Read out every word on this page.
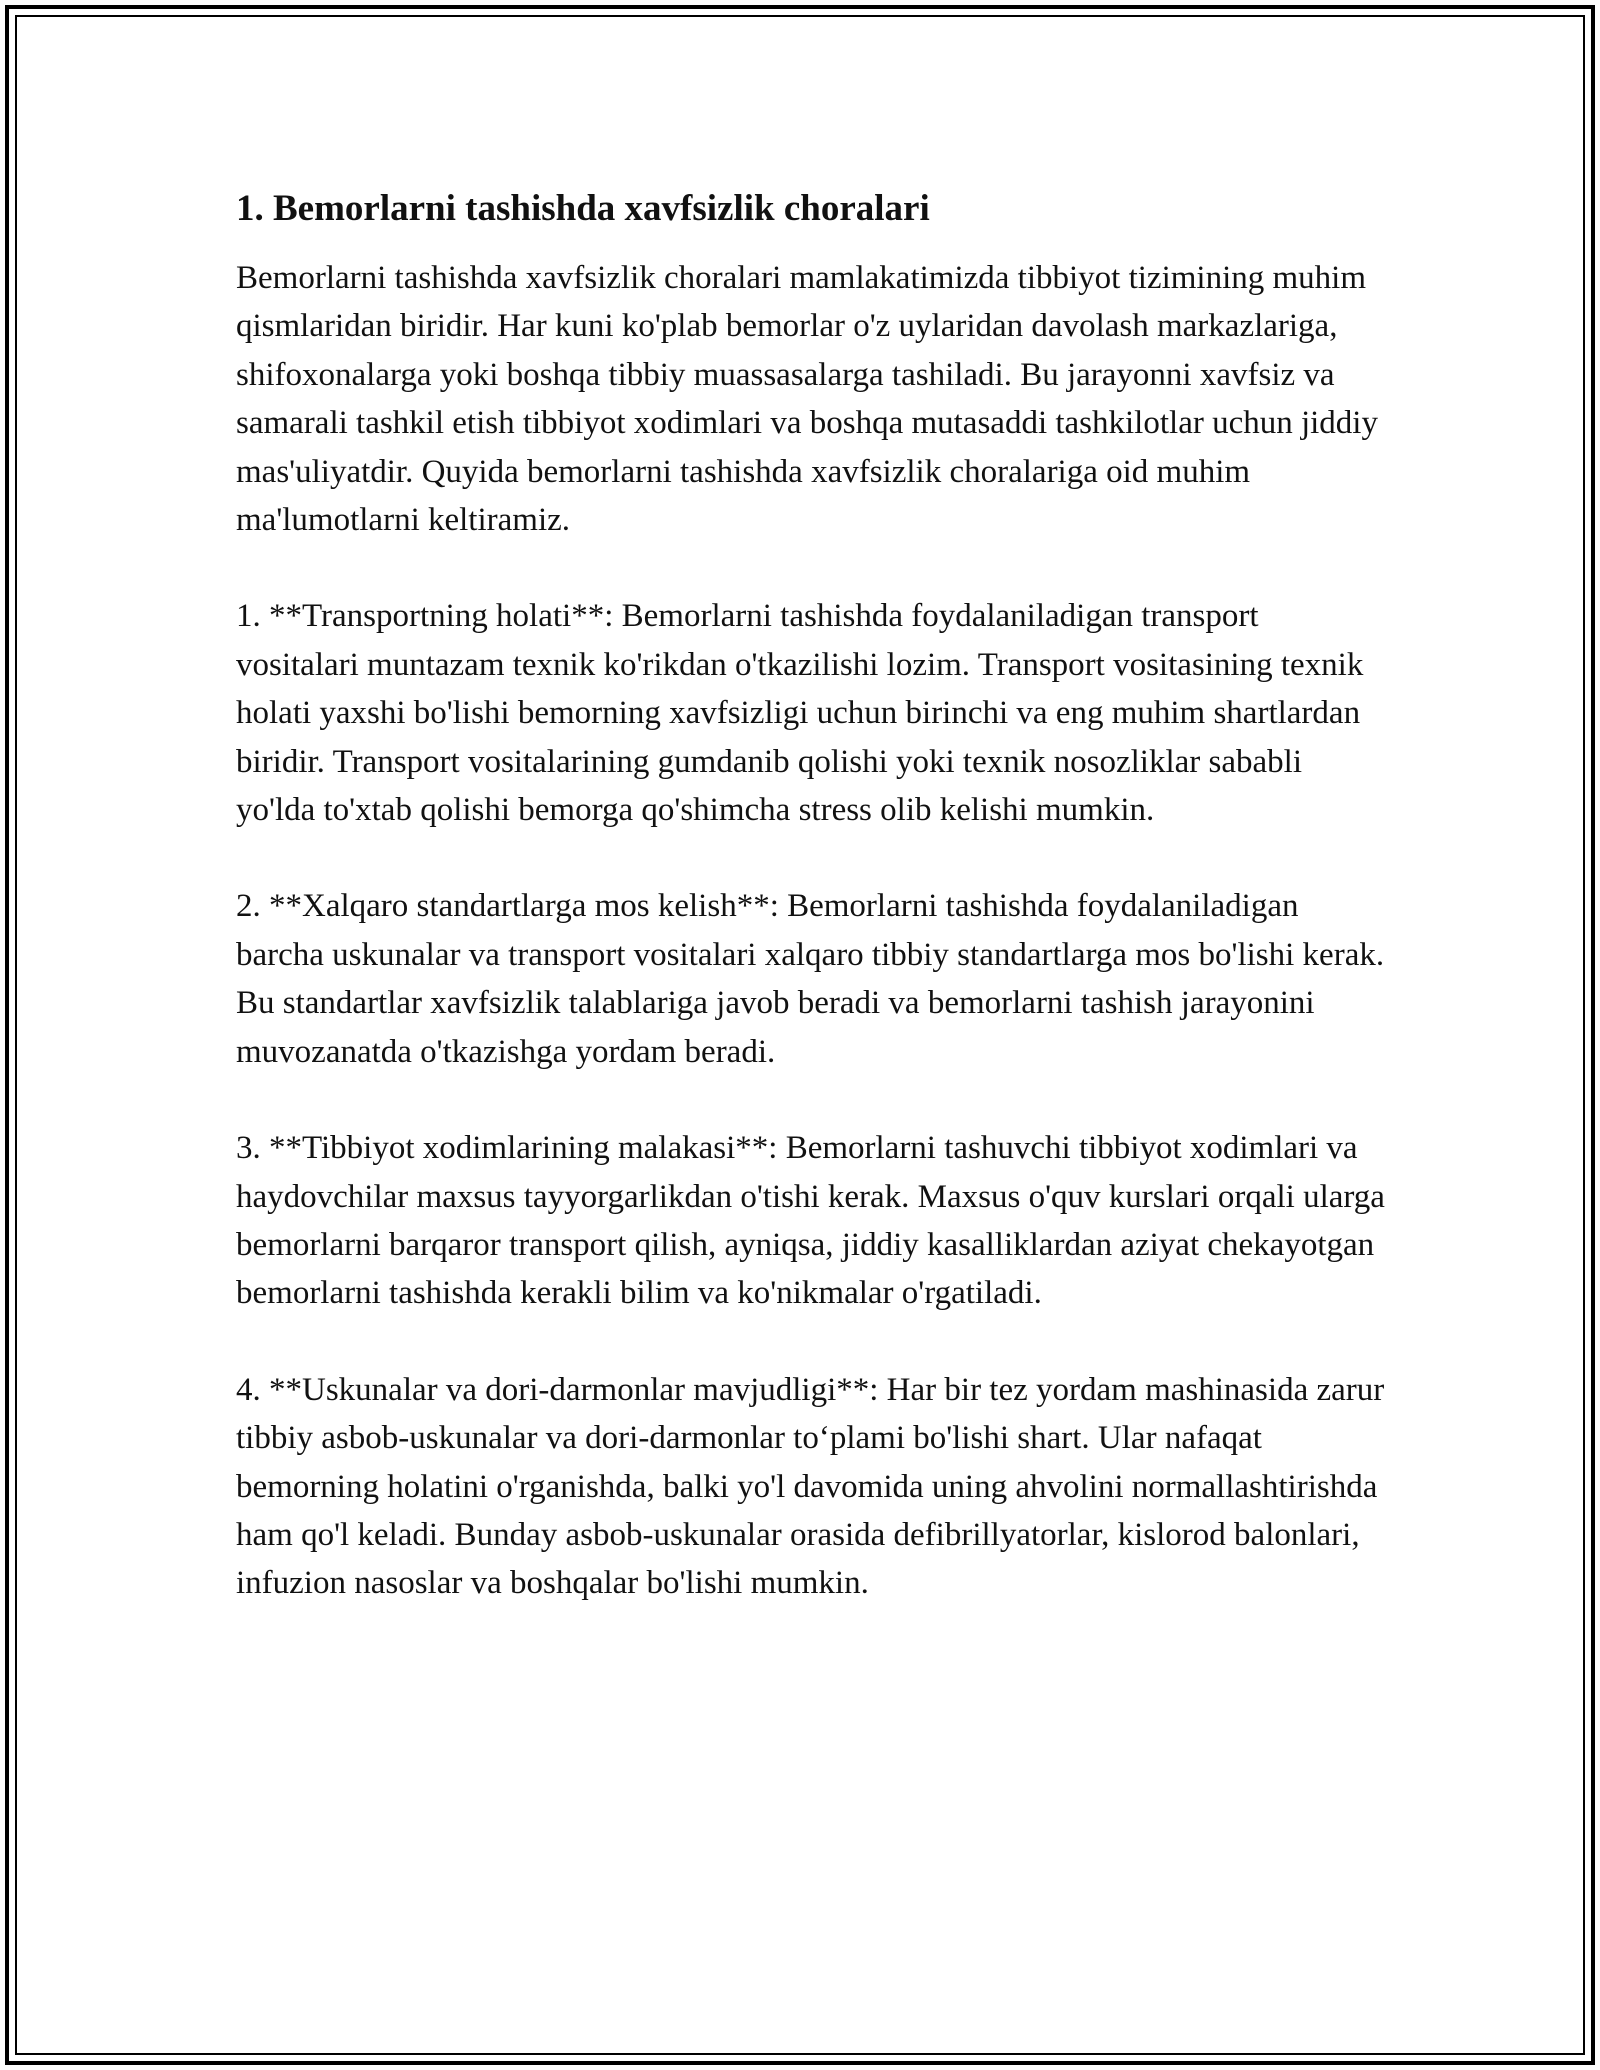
1. Bemorlarni tashishda xavfsizlik choralari

Bemorlarni tashishda xavfsizlik choralari mamlakatimizda tibbiyot tizimining muhim qismlaridan biridir. Har kuni ko'plab bemorlar o'z uylaridan davolash markazlariga, shifoxonalarga yoki boshqa tibbiy muassasalarga tashiladi. Bu jarayonni xavfsiz va samarali tashkil etish tibbiyot xodimlari va boshqa mutasaddi tashkilotlar uchun jiddiy mas'uliyatdir. Quyida bemorlarni tashishda xavfsizlik choralariga oid muhim ma'lumotlarni keltiramiz.

1. **Transportning holati**: Bemorlarni tashishda foydalaniladigan transport vositalari muntazam texnik ko'rikdan o'tkazilishi lozim. Transport vositasining texnik holati yaxshi bo'lishi bemorning xavfsizligi uchun birinchi va eng muhim shartlardan biridir. Transport vositalarining gumdanib qolishi yoki texnik nosozliklar sababli yo'lda to'xtab qolishi bemorga qo'shimcha stress olib kelishi mumkin.

2. **Xalqaro standartlarga mos kelish**: Bemorlarni tashishda foydalaniladigan barcha uskunalar va transport vositalari xalqaro tibbiy standartlarga mos bo'lishi kerak. Bu standartlar xavfsizlik talablariga javob beradi va bemorlarni tashish jarayonini muvozanatda o'tkazishga yordam beradi.

3. **Tibbiyot xodimlarining malakasi**: Bemorlarni tashuvchi tibbiyot xodimlari va haydovchilar maxsus tayyorgarlikdan o'tishi kerak. Maxsus o'quv kurslari orqali ularga bemorlarni barqaror transport qilish, ayniqsa, jiddiy kasalliklardan aziyat chekayotgan bemorlarni tashishda kerakli bilim va ko'nikmalar o'rgatiladi.

4. **Uskunalar va dori-darmonlar mavjudligi**: Har bir tez yordam mashinasida zarur tibbiy asbob-uskunalar va dori-darmonlar to‘plami bo'lishi shart. Ular nafaqat bemorning holatini o'rganishda, balki yo'l davomida uning ahvolini normallashtirishda ham qo'l keladi. Bunday asbob-uskunalar orasida defibrillyatorlar, kislorod balonlari, infuzion nasoslar va boshqalar bo'lishi mumkin.
